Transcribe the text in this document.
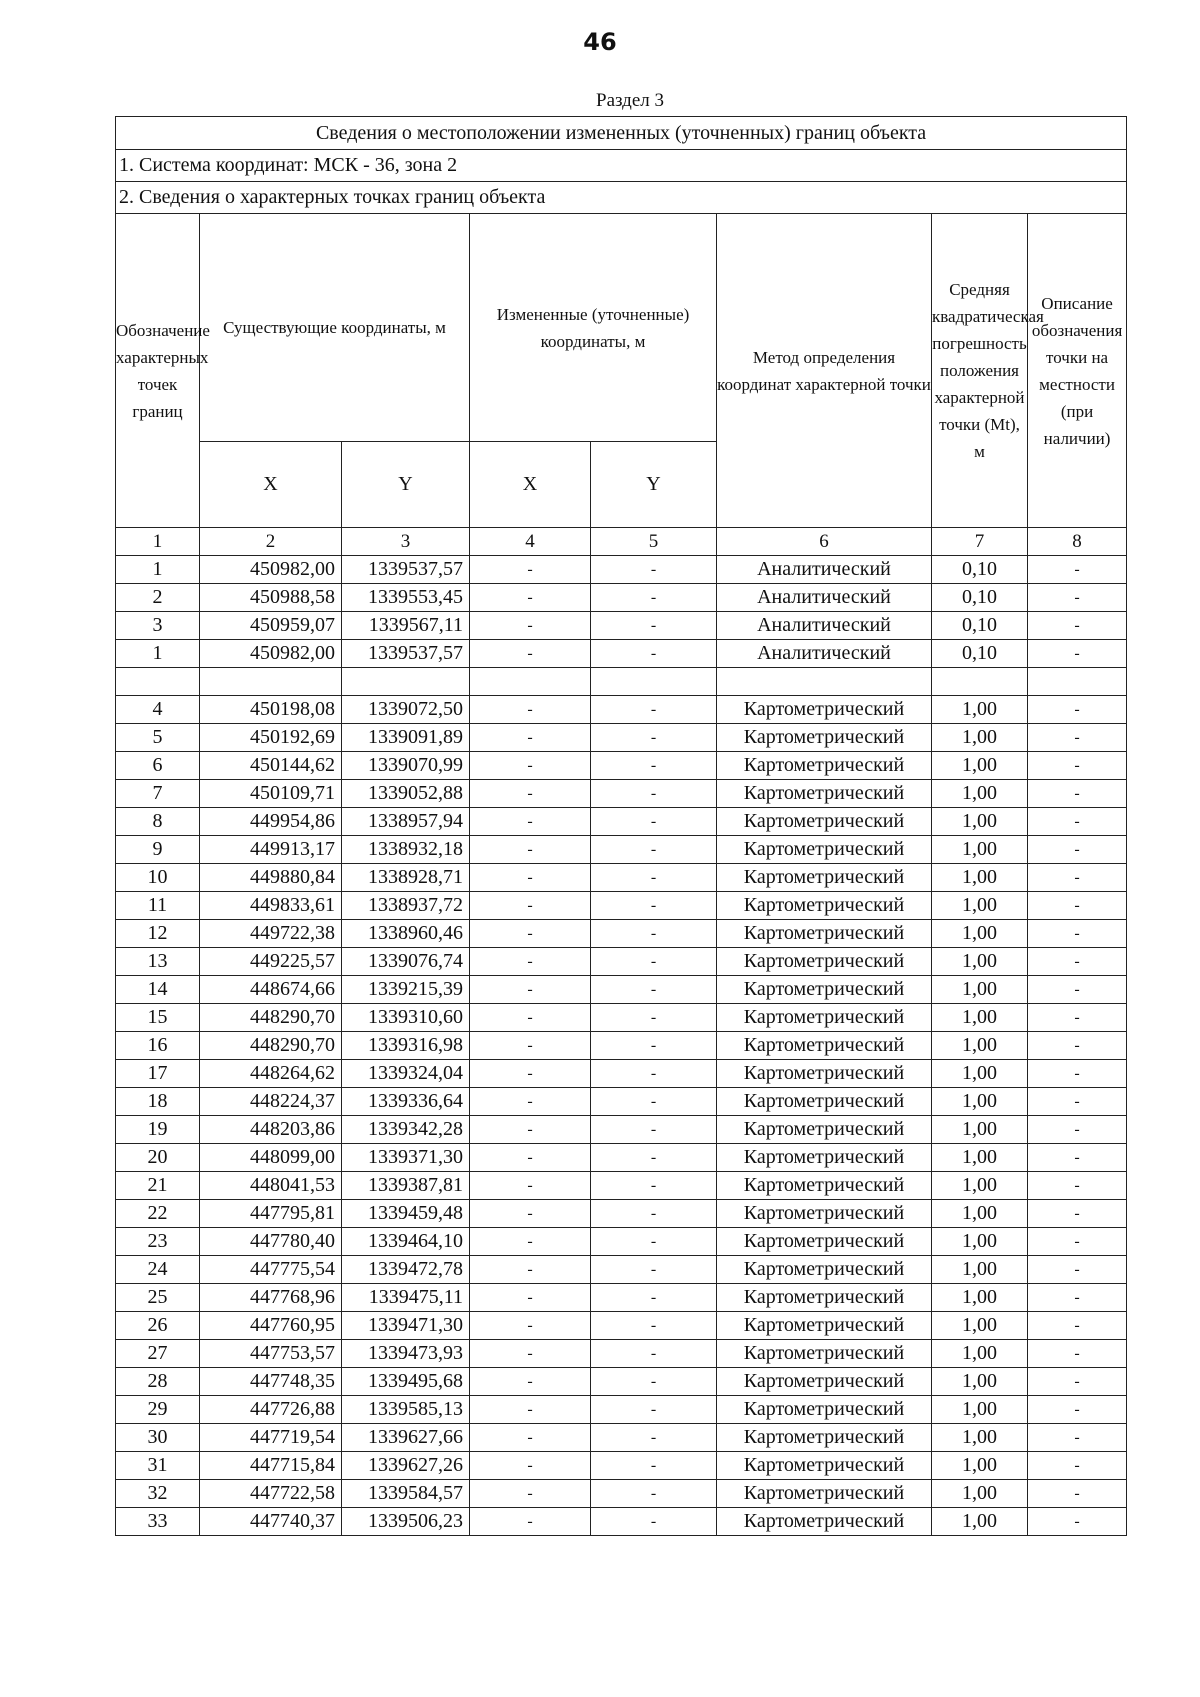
46
Раздел 3
Сведения о местоположении измененных (уточненных) границ объекта							
1. Система координат: МСК - 36, зона 2							
2. Сведения о характерных точках границ объекта							
Обозначение характерных точек границ	Существующие координаты, м		Измененные (уточненные) координаты, м		Метод определения координат характерной точки	Средняя квадратическая погрешность положения характерной точки (Mt), м	Описание обозначения точки на местности (при наличии)
	X	Y	X	Y			
1	2	3	4	5	6	7	8
1	450982,00	1339537,57	-	-	Аналитический	0,10	-
2	450988,58	1339553,45	-	-	Аналитический	0,10	-
3	450959,07	1339567,11	-	-	Аналитический	0,10	-
1	450982,00	1339537,57	-	-	Аналитический	0,10	-

4	450198,08	1339072,50	-	-	Картометрический	1,00	-
5	450192,69	1339091,89	-	-	Картометрический	1,00	-
6	450144,62	1339070,99	-	-	Картометрический	1,00	-
7	450109,71	1339052,88	-	-	Картометрический	1,00	-
8	449954,86	1338957,94	-	-	Картометрический	1,00	-
9	449913,17	1338932,18	-	-	Картометрический	1,00	-
10	449880,84	1338928,71	-	-	Картометрический	1,00	-
11	449833,61	1338937,72	-	-	Картометрический	1,00	-
12	449722,38	1338960,46	-	-	Картометрический	1,00	-
13	449225,57	1339076,74	-	-	Картометрический	1,00	-
14	448674,66	1339215,39	-	-	Картометрический	1,00	-
15	448290,70	1339310,60	-	-	Картометрический	1,00	-
16	448290,70	1339316,98	-	-	Картометрический	1,00	-
17	448264,62	1339324,04	-	-	Картометрический	1,00	-
18	448224,37	1339336,64	-	-	Картометрический	1,00	-
19	448203,86	1339342,28	-	-	Картометрический	1,00	-
20	448099,00	1339371,30	-	-	Картометрический	1,00	-
21	448041,53	1339387,81	-	-	Картометрический	1,00	-
22	447795,81	1339459,48	-	-	Картометрический	1,00	-
23	447780,40	1339464,10	-	-	Картометрический	1,00	-
24	447775,54	1339472,78	-	-	Картометрический	1,00	-
25	447768,96	1339475,11	-	-	Картометрический	1,00	-
26	447760,95	1339471,30	-	-	Картометрический	1,00	-
27	447753,57	1339473,93	-	-	Картометрический	1,00	-
28	447748,35	1339495,68	-	-	Картометрический	1,00	-
29	447726,88	1339585,13	-	-	Картометрический	1,00	-
30	447719,54	1339627,66	-	-	Картометрический	1,00	-
31	447715,84	1339627,26	-	-	Картометрический	1,00	-
32	447722,58	1339584,57	-	-	Картометрический	1,00	-
33	447740,37	1339506,23	-	-	Картометрический	1,00	-
